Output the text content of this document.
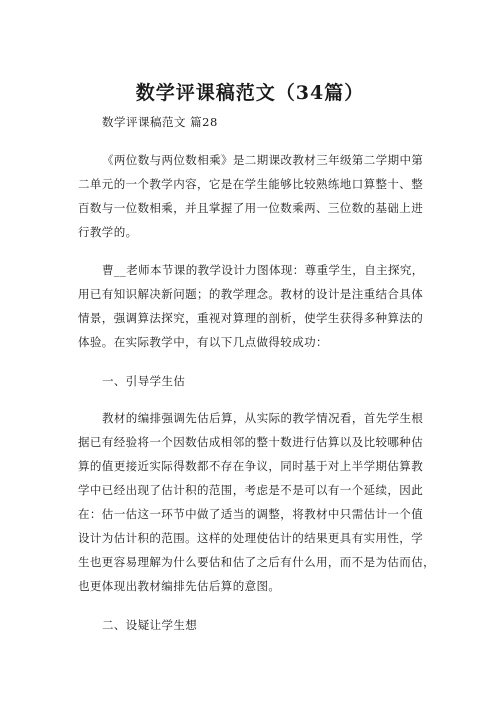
数学评课稿范文（34篇）
数学评课稿范文 篇28
《两位数与两位数相乘》是二期课改教材三年级第二学期中第
二单元的一个教学内容，它是在学生能够比较熟练地口算整十、整
百数与一位数相乘，并且掌握了用一位数乘两、三位数的基础上进
行教学的。
曹__老师本节课的教学设计力图体现：尊重学生，自主探究，
用已有知识解决新问题；的教学理念。教材的设计是注重结合具体
情景，强调算法探究，重视对算理的剖析，使学生获得多种算法的
体验。在实际教学中，有以下几点做得较成功：
一、引导学生估
教材的编排强调先估后算，从实际的教学情况看，首先学生根
据已有经验将一个因数估成相邻的整十数进行估算以及比较哪种估
算的值更接近实际得数都不存在争议，同时基于对上半学期估算教
学中已经出现了估计积的范围，考虑是不是可以有一个延续，因此
在：估一估这一环节中做了适当的调整，将教材中只需估计一个值
设计为估计积的范围。这样的处理使估计的结果更具有实用性，学
生也更容易理解为什么要估和估了之后有什么用，而不是为估而估，
也更体现出教材编排先估后算的意图。
二、设疑让学生想
